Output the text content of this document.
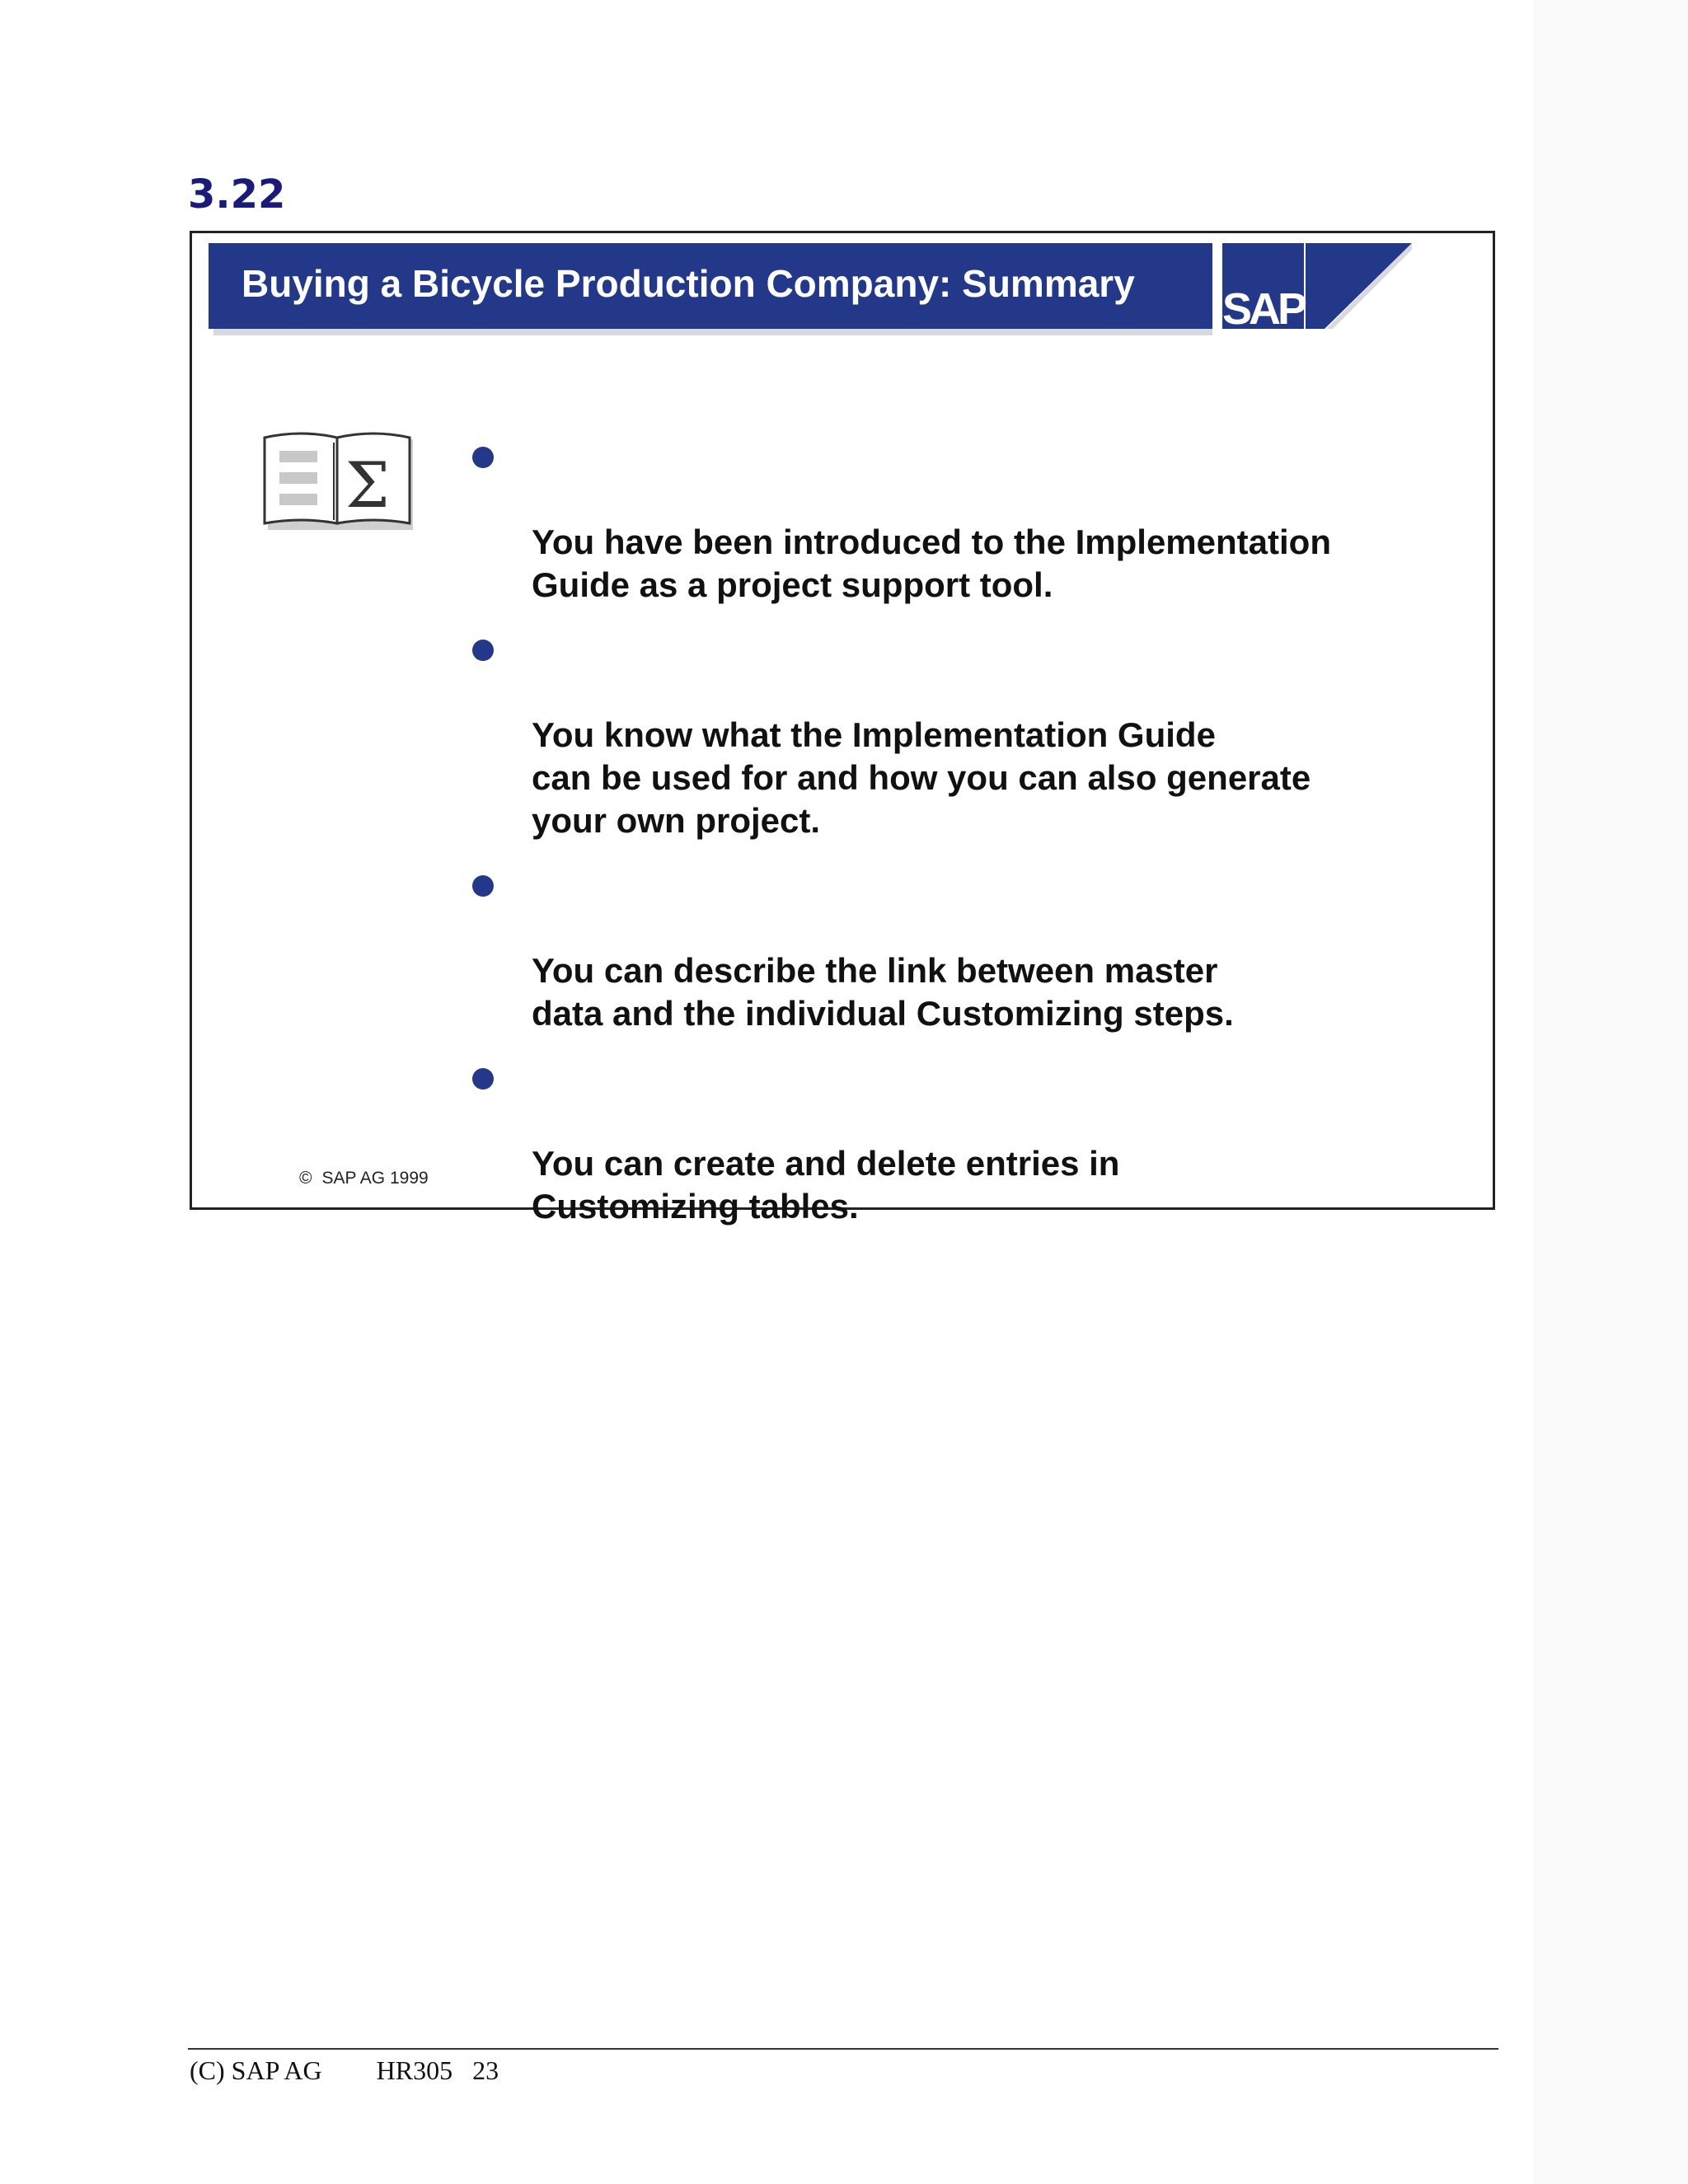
3.22
Buying a Bicycle Production Company: Summary
SAP
Σ

You have been introduced to the Implementation
Guide as a project support tool.

You know what the Implementation Guide
can be used for and how you can also generate
your own project.

You can describe the link between master
data and the individual Customizing steps.

You can create and delete entries in
Customizing tables.

© SAP AG 1999
(C) SAP AG HR305 23
